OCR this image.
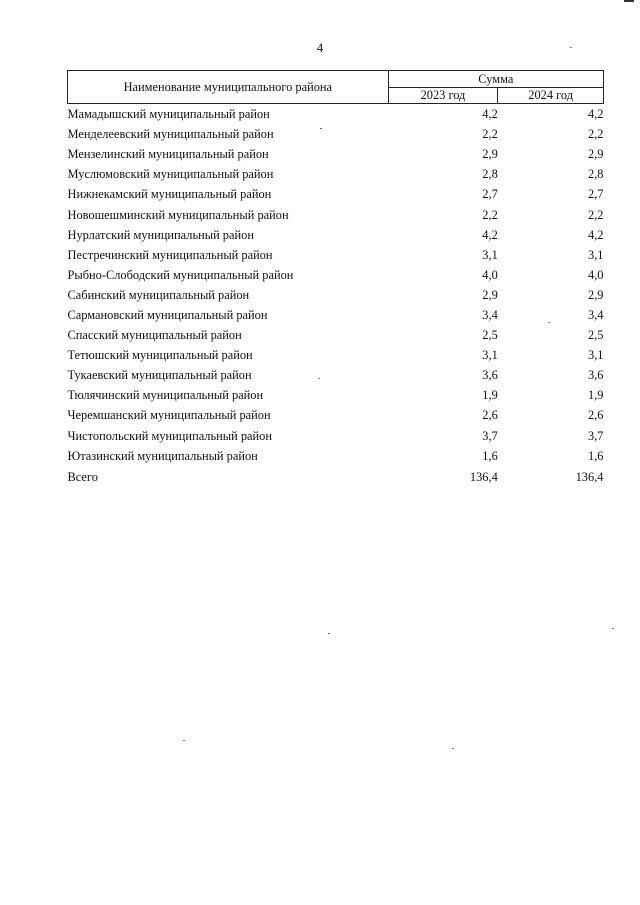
4
Наименование муниципального района	Сумма	
	2023 год	2024 год
Мамадышский муниципальный район	4,2	4,2
Менделеевский муниципальный район	2,2	2,2
Мензелинский муниципальный район	2,9	2,9
Муслюмовский муниципальный район	2,8	2,8
Нижнекамский муниципальный район	2,7	2,7
Новошешминский муниципальный район	2,2	2,2
Нурлатский муниципальный район	4,2	4,2
Пестречинский муниципальный район	3,1	3,1
Рыбно-Слободский муниципальный район	4,0	4,0
Сабинский муниципальный район	2,9	2,9
Сармановский муниципальный район	3,4	3,4
Спасский муниципальный район	2,5	2,5
Тетюшский муниципальный район	3,1	3,1
Тукаевский муниципальный район	3,6	3,6
Тюлячинский муниципальный район	1,9	1,9
Черемшанский муниципальный район	2,6	2,6
Чистопольский муниципальный район	3,7	3,7
Ютазинский муниципальный район	1,6	1,6
Всего	136,4	136,4
